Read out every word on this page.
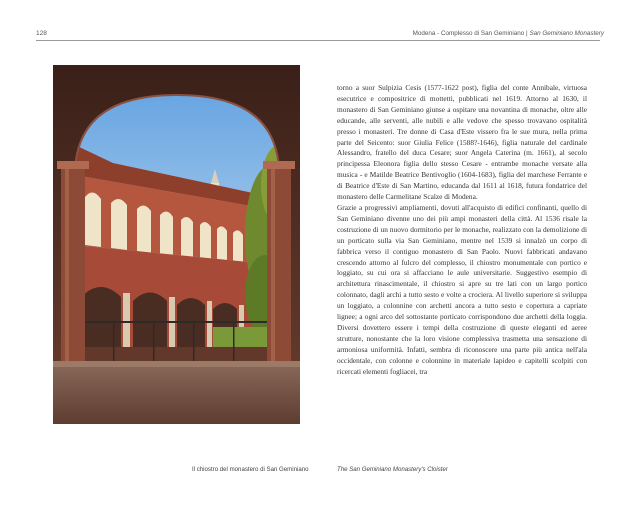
128	Modena - Complesso di San Geminiano | San Geminiano Monastery

torno a suor Sulpizia Cesis (1577-1622 post), figlia del conte Annibale, virtuosa esecutrice e compositrice di mottetti, pubblicati nel 1619. Attorno al 1630, il monastero di San Geminiano giunse a ospitare una novantina di monache, oltre alle educande, alle serventi, alle nubili e alle vedove che spesso trovavano ospitalità presso i monasteri. Tre donne di Casa d'Este vissero fra le sue mura, nella prima parte del Seicento: suor Giulia Felice (1588?-1646), figlia naturale del cardinale Alessandro, fratello del duca Cesare; suor Angela Caterina (m. 1661), al secolo principessa Eleonora figlia dello stesso Cesare - entrambe monache versate alla musica - e Matilde Beatrice Bentivoglio (1604-1683), figlia del marchese Ferrante e di Beatrice d'Este di San Martino, educanda dal 1611 al 1618, futura fondatrice del monastero delle Carmelitane Scalze di Modena.

Grazie a progressivi ampliamenti, dovuti all'acquisto di edifici confinanti, quello di San Geminiano divenne uno dei più ampi monasteri della città. Al 1536 risale la costruzione di un nuovo dormitorio per le monache, realizzato con la demolizione di un porticato sulla via San Geminiano, mentre nel 1539 si innalzò un corpo di fabbrica verso il contiguo monastero di San Paolo. Nuovi fabbricati andavano crescendo attorno al fulcro del complesso, il chiostro monumentale con portico e loggiato, su cui ora si affacciano le aule universitarie. Suggestivo esempio di architettura rinascimentale, il chiostro si apre su tre lati con un largo portico colonnato, dagli archi a tutto sesto e volte a crociera. Al livello superiore si sviluppa un loggiato, a colonnine con archetti ancora a tutto sesto e copertura a capriate lignee; a ogni arco del sottostante porticato corrispondono due archetti della loggia. Diversi dovettero essere i tempi della costruzione di queste eleganti ed aeree strutture, nonostante che la loro visione complessiva trasmetta una sensazione di armoniosa uniformità. Infatti, sembra di riconoscere una parte più antica nell'ala occidentale, con colonne e colonnine in materiale lapideo e capitelli scolpiti con ricercati elementi fogliacei, tra

Il chiostro del monastero di San Geminiano	The San Geminiano Monastery's Cloister
